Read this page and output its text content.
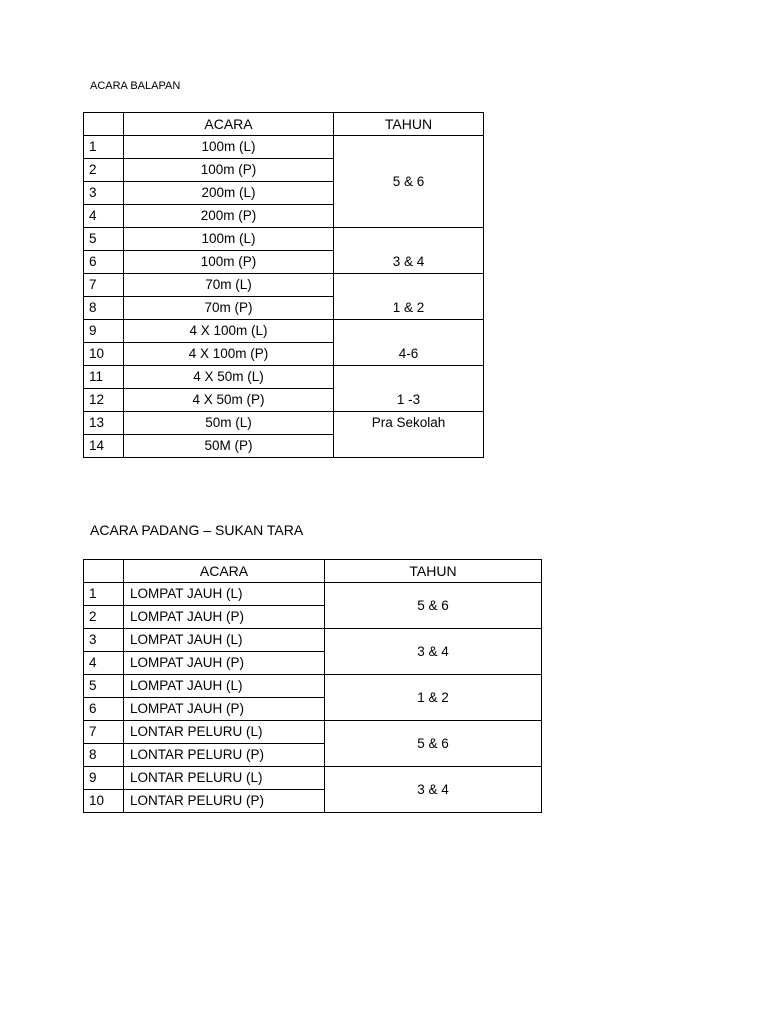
ACARA BALAPAN
	ACARA	TAHUN
1	100m (L)	5 & 6
2	100m (P)	
3	200m (L)	
4	200m (P)	
5	100m (L)	3 & 4
6	100m (P)	
7	70m (L)	1 & 2
8	70m (P)	
9	4 X 100m (L)	4-6
10	4 X 100m (P)	
11	4 X 50m (L)	1 -3
12	4 X 50m (P)	
13	50m (L)	Pra Sekolah
14	50M (P)	
ACARA PADANG – SUKAN TARA
	ACARA	TAHUN
1	LOMPAT JAUH (L)	5 & 6
2	LOMPAT JAUH (P)	
3	LOMPAT JAUH (L)	3 & 4
4	LOMPAT JAUH (P)	
5	LOMPAT JAUH (L)	1 & 2
6	LOMPAT JAUH (P)	
7	LONTAR PELURU (L)	5 & 6
8	LONTAR PELURU (P)	
9	LONTAR PELURU (L)	3 & 4
10	LONTAR PELURU (P)	
